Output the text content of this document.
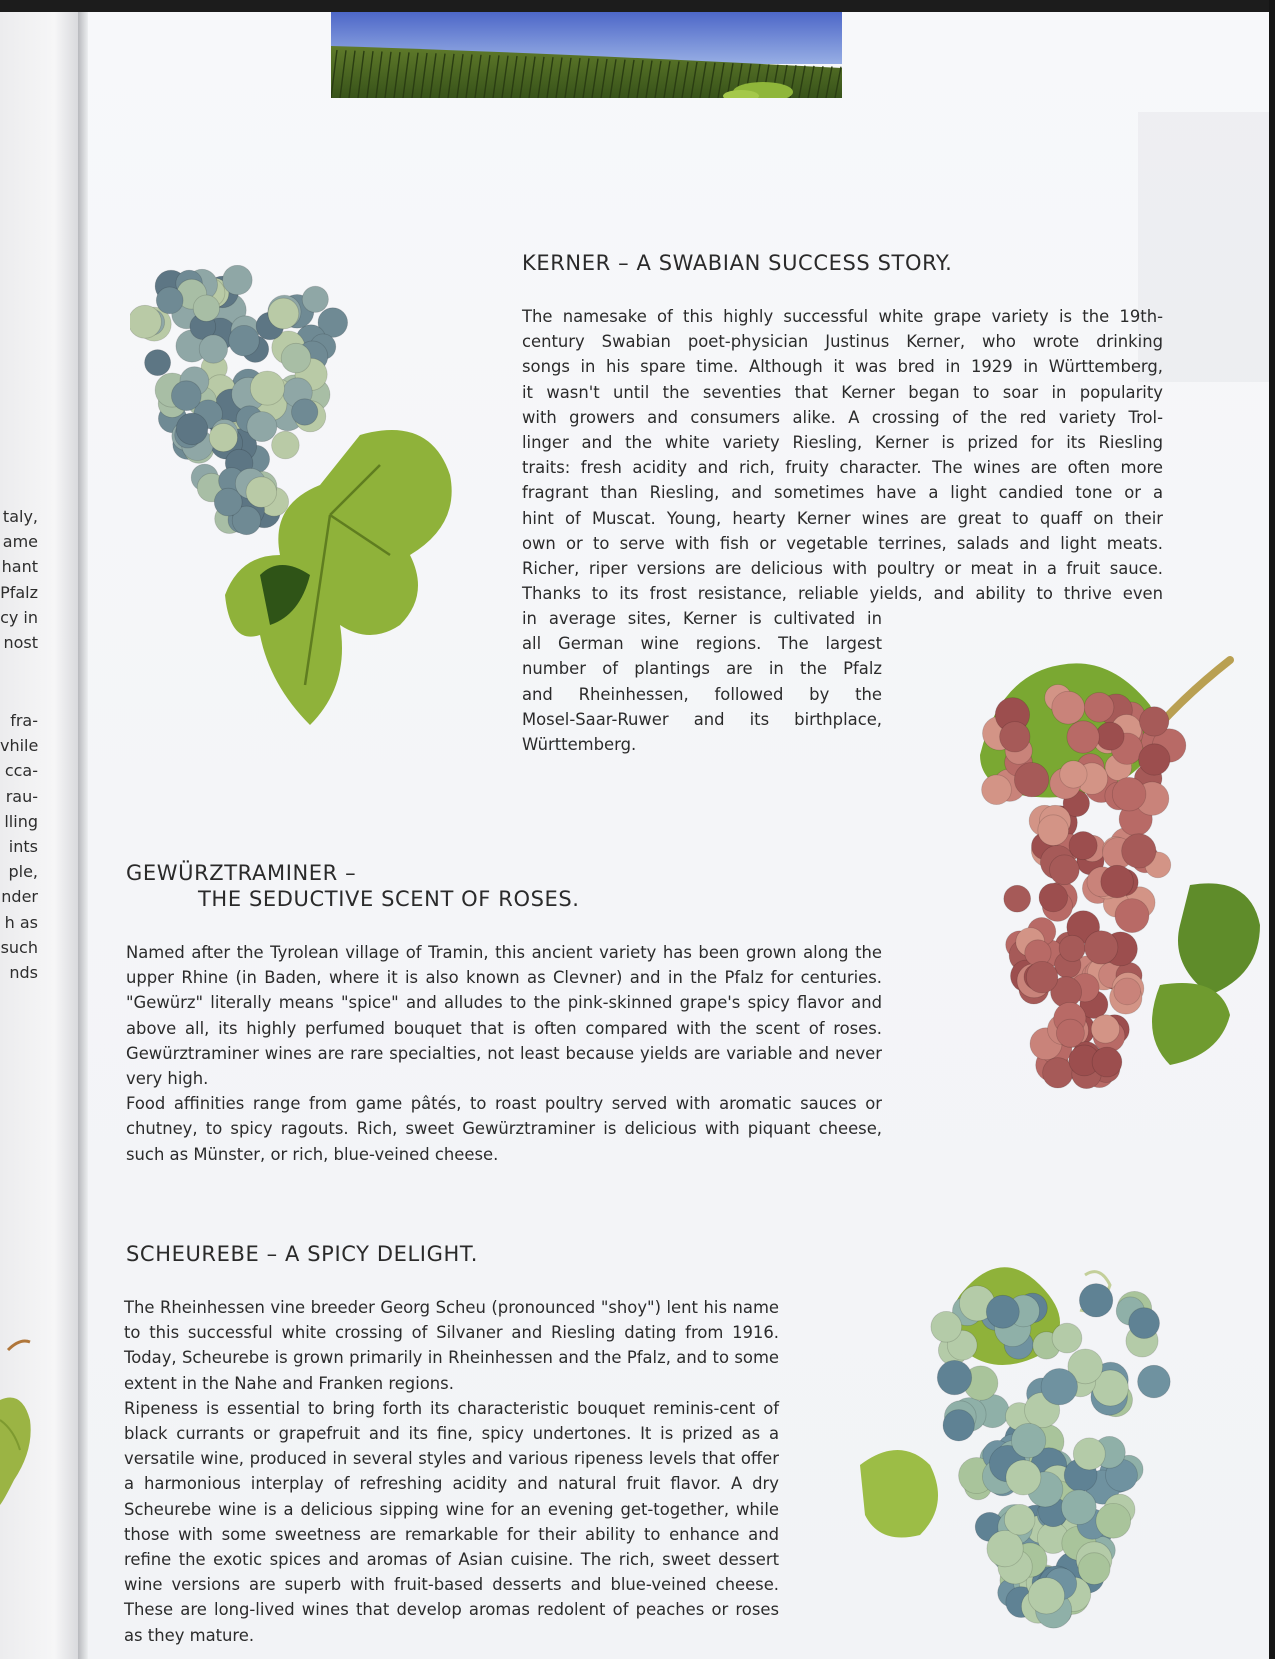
taly,
ame
hant
Pfalz
cy in
nost
fra-
vhile
cca-
rau-
lling
ints
ple,
nder
h as
such
nds
KERNER – A SWABIAN SUCCESS STORY.
The namesake of this highly successful white grape variety is the 19th-
century Swabian poet-physician Justinus Kerner, who wrote drinking
songs in his spare time. Although it was bred in 1929 in Württemberg,
it wasn't until the seventies that Kerner began to soar in popularity
with growers and consumers alike. A crossing of the red variety Trol-
linger and the white variety Riesling, Kerner is prized for its Riesling
traits: fresh acidity and rich, fruity character. The wines are often more
fragrant than Riesling, and sometimes have a light candied tone or a
hint of Muscat. Young, hearty Kerner wines are great to quaff on their
own or to serve with fish or vegetable terrines, salads and light meats.
Richer, riper versions are delicious with poultry or meat in a fruit sauce.
Thanks to its frost resistance, reliable yields, and ability to thrive even
in average sites, Kerner is cultivated in
all German wine regions. The largest
number of plantings are in the Pfalz
and Rheinhessen, followed by the
Mosel-Saar-Ruwer and its birthplace,
Württemberg.
GEWÜRZTRAMINER –
THE SEDUCTIVE SCENT OF ROSES.

Named after the Tyrolean village of Tramin, this ancient variety has been grown along the upper Rhine (in Baden, where it is also known as Clevner) and in the Pfalz for centuries. "Gewürz" literally means "spice" and alludes to the pink-skinned grape's spicy flavor and above all, its highly perfumed bouquet that is often compared with the scent of roses. Gewürztraminer wines are rare specialties, not least because yields are variable and never very high.

Food affinities range from game pâtés, to roast poultry served with aromatic sauces or chutney, to spicy ragouts. Rich, sweet Gewürztraminer is delicious with piquant cheese, such as Münster, or rich, blue-veined cheese.

SCHEUREBE – A SPICY DELIGHT.

The Rheinhessen vine breeder Georg Scheu (pronounced "shoy") lent his name to this successful white crossing of Silvaner and Riesling dating from 1916. Today, Scheurebe is grown primarily in Rheinhessen and the Pfalz, and to some extent in the Nahe and Franken regions.

Ripeness is essential to bring forth its characteristic bouquet reminis-cent of black currants or grapefruit and its fine, spicy undertones. It is prized as a versatile wine, produced in several styles and various ripeness levels that offer a harmonious interplay of refreshing acidity and natural fruit flavor. A dry Scheurebe wine is a delicious sipping wine for an evening get-together, while those with some sweetness are remarkable for their ability to enhance and refine the exotic spices and aromas of Asian cuisine. The rich, sweet dessert wine versions are superb with fruit-based desserts and blue-veined cheese. These are long-lived wines that develop aromas redolent of peaches or roses as they mature.
